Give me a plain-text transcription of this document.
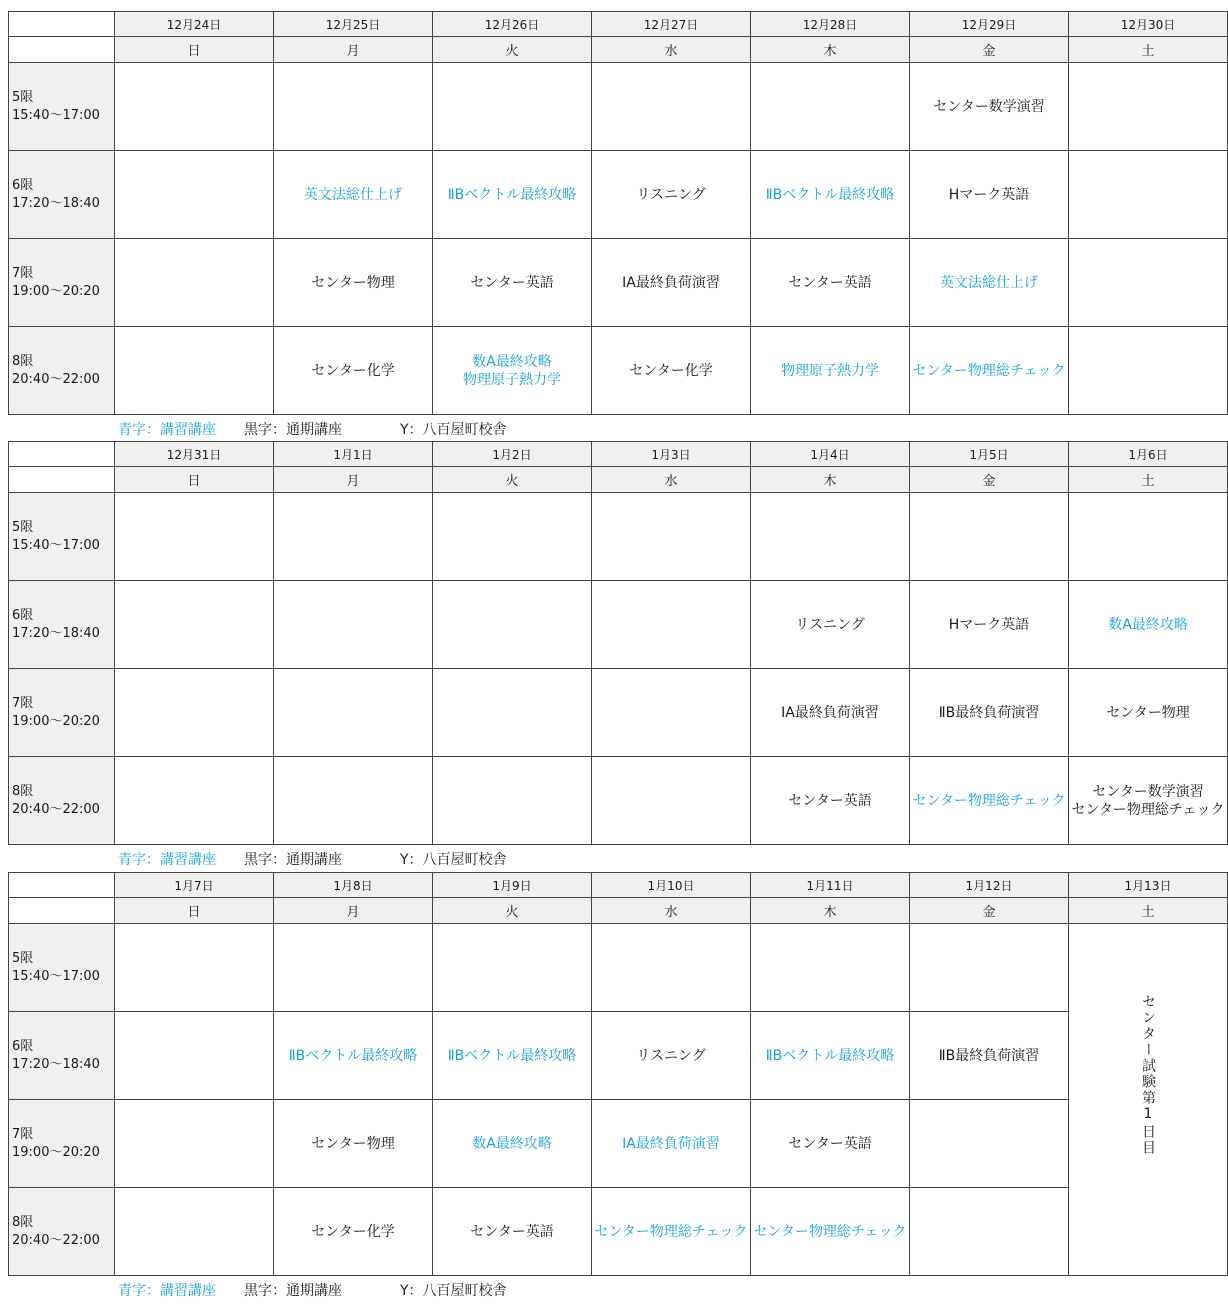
	12月24日	12月25日	12月26日	12月27日	12月28日	12月29日	12月30日
	日	月	火	水	木	金	土

5限
15:40～17:00						センター数学演習	

6限
17:20～18:40		英文法総仕上げ	ⅡBベクトル最終攻略	リスニング	ⅡBベクトル最終攻略	Hマーク英語	

7限
19:00～20:20		センター物理	センター英語	ⅠA最終負荷演習	センター英語	英文法総仕上げ	

8限
20:40～22:00		センター化学	数A最終攻略
物理原子熱力学	センター化学	物理原子熱力学	センター物理総チェック	

青字：講習講座	黒字：通期講座	Y：八百屋町校舎
	12月31日	1月1日	1月2日	1月3日	1月4日	1月5日	1月6日
	日	月	火	水	木	金	土

5限
15:40～17:00							

6限
17:20～18:40					リスニング	Hマーク英語	数A最終攻略

7限
19:00～20:20					ⅠA最終負荷演習	ⅡB最終負荷演習	センター物理

8限
20:40～22:00					センター英語	センター物理総チェック	センター数学演習
センター物理総チェック
青字：講習講座	黒字：通期講座	Y：八百屋町校舎
	1月7日	1月8日	1月9日	1月10日	1月11日	1月12日	1月13日
	日	月	火	水	木	金	土

5限
15:40～17:00							センター試験第1日目

6限
17:20～18:40		ⅡBベクトル最終攻略	ⅡBベクトル最終攻略	リスニング	ⅡBベクトル最終攻略	ⅡB最終負荷演習	

7限
19:00～20:20		センター物理	数A最終攻略	ⅠA最終負荷演習	センター英語		

8限
20:40～22:00		センター化学	センター英語	センター物理総チェック	センター物理総チェック		

青字：講習講座	黒字：通期講座	Y：八百屋町校舎
